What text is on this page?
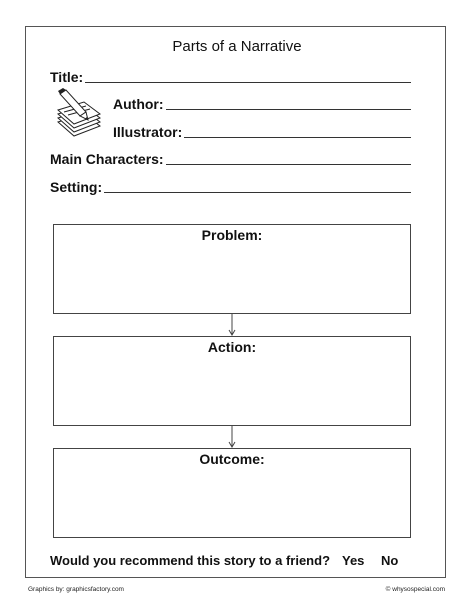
Parts of a Narrative
Title:
Author:
Illustrator:
Main Characters:
Setting:
Problem:
Action:
Outcome:
Would you recommend this story to a friend? Yes No
Graphics by: graphicsfactory.com	© whysospecial.com
